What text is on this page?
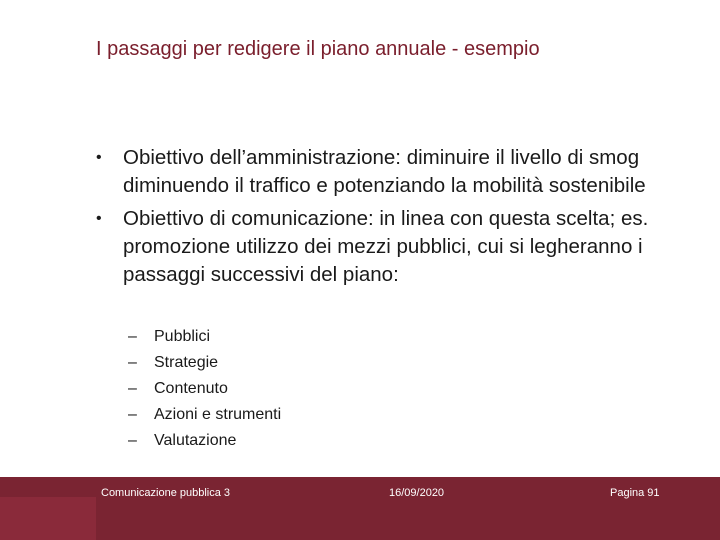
I passaggi per redigere il piano annuale - esempio
•	Obiettivo dell’amministrazione: diminuire il livello di smog diminuendo il traffico e potenziando la mobilità sostenibile
•	Obiettivo di comunicazione: in linea con questa scelta; es. promozione utilizzo dei mezzi pubblici, cui si legheranno i passaggi successivi del piano:
– Pubblici
– Strategie
– Contenuto
– Azioni e strumenti
– Valutazione
Comunicazione pubblica 3	16/09/2020	Pagina 91
